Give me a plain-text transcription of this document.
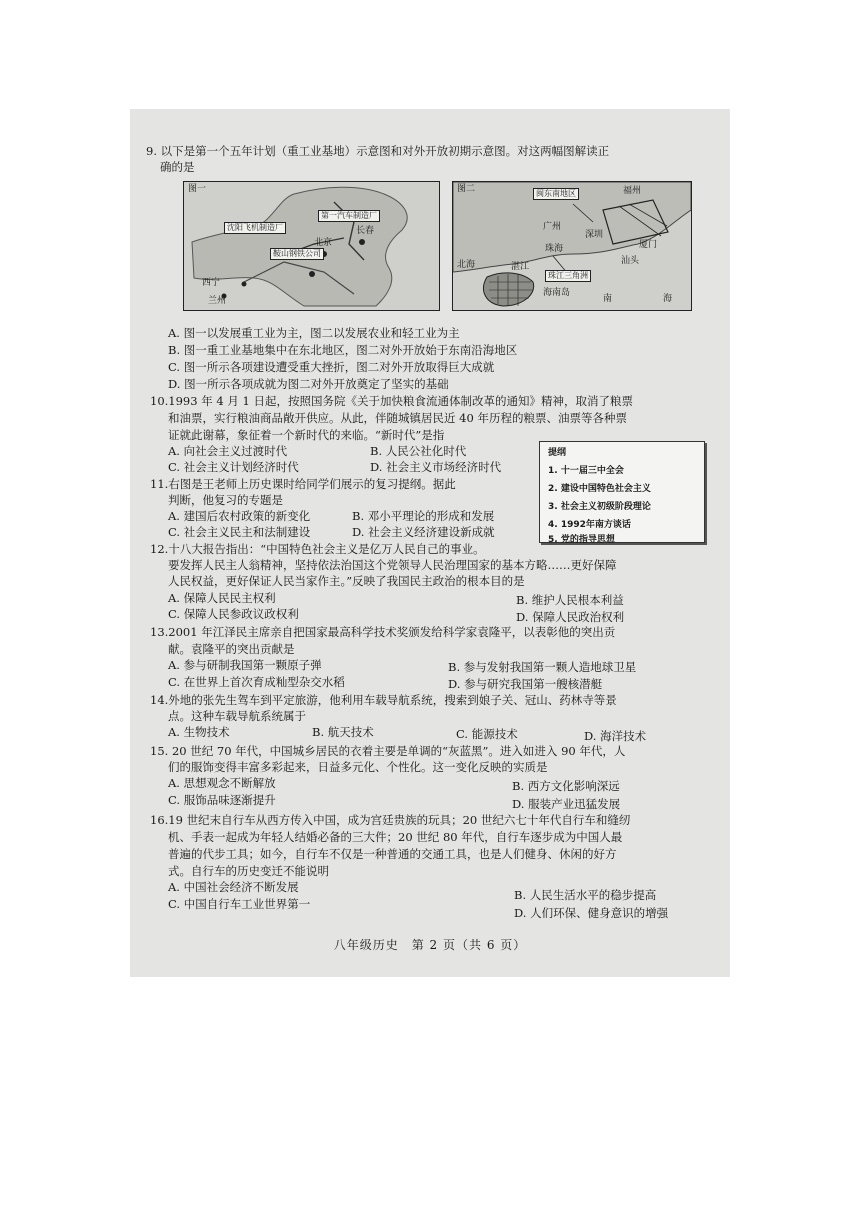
9. 以下是第一个五年计划（重工业基地）示意图和对外开放初期示意图。对这两幅图解读正

确的是

图一
沈阳飞机制造厂
第一汽车制造厂
长春
鞍山钢铁公司
北京
西宁
兰州
图二	闽东南地区	福州
广州
深圳
厦门
珠海
汕头
北海	湛江
珠江三角洲
海南岛
南	海
A. 图一以发展重工业为主，图二以发展农业和轻工业为主
B. 图一重工业基地集中在东北地区，图二对外开放始于东南沿海地区
C. 图一所示各项建设遭受重大挫折，图二对外开放取得巨大成就
D. 图一所示各项成就为图二对外开放奠定了坚实的基础
10.1993 年 4 月 1 日起，按照国务院《关于加快粮食流通体制改革的通知》精神，取消了粮票
和油票，实行粮油商品敞开供应。从此，伴随城镇居民近 40 年历程的粮票、油票等各种票
证就此谢幕，象征着一个新时代的来临。“新时代”是指
A. 向社会主义过渡时代	B. 人民公社化时代
C. 社会主义计划经济时代	D. 社会主义市场经济时代
提纲
1. 十一届三中全会
2. 建设中国特色社会主义
3. 社会主义初级阶段理论
4. 1992年南方谈话
5. 党的指导思想
11.右图是王老师上历史课时给同学们展示的复习提纲。据此
判断，他复习的专题是
A. 建国后农村政策的新变化	B. 邓小平理论的形成和发展
C. 社会主义民主和法制建设	D. 社会主义经济建设新成就
12.十八大报告指出：“中国特色社会主义是亿万人民自己的事业。
要发挥人民主人翁精神，坚持依法治国这个党领导人民治理国家的基本方略……更好保障
人民权益，更好保证人民当家作主。”反映了我国民主政治的根本目的是
A. 保障人民民主权利	B. 维护人民根本利益
C. 保障人民参政议政权利	D. 保障人民政治权利
13.2001 年江泽民主席亲自把国家最高科学技术奖颁发给科学家袁隆平，以表彰他的突出贡
献。袁隆平的突出贡献是
A. 参与研制我国第一颗原子弹	B. 参与发射我国第一颗人造地球卫星
C. 在世界上首次育成籼型杂交水稻	D. 参与研究我国第一艘核潜艇
14.外地的张先生驾车到平定旅游，他利用车载导航系统，搜索到娘子关、冠山、药林寺等景
点。这种车载导航系统属于
A. 生物技术	B. 航天技术	C. 能源技术	D. 海洋技术
15. 20 世纪 70 年代，中国城乡居民的衣着主要是单调的“灰蓝黑”。进入如进入 90 年代，人
们的服饰变得丰富多彩起来，日益多元化、个性化。这一变化反映的实质是
A. 思想观念不断解放	B. 西方文化影响深远
C. 服饰品味逐渐提升	D. 服装产业迅猛发展
16.19 世纪末自行车从西方传入中国，成为宫廷贵族的玩具；20 世纪六七十年代自行车和缝纫
机、手表一起成为年轻人结婚必备的三大件；20 世纪 80 年代，自行车逐步成为中国人最
普遍的代步工具；如今，自行车不仅是一种普通的交通工具，也是人们健身、休闲的好方
式。自行车的历史变迁不能说明
A. 中国社会经济不断发展
B. 人民生活水平的稳步提高
C. 中国自行车工业世界第一
D. 人们环保、健身意识的增强
八年级历史　第 2 页（共 6 页）
